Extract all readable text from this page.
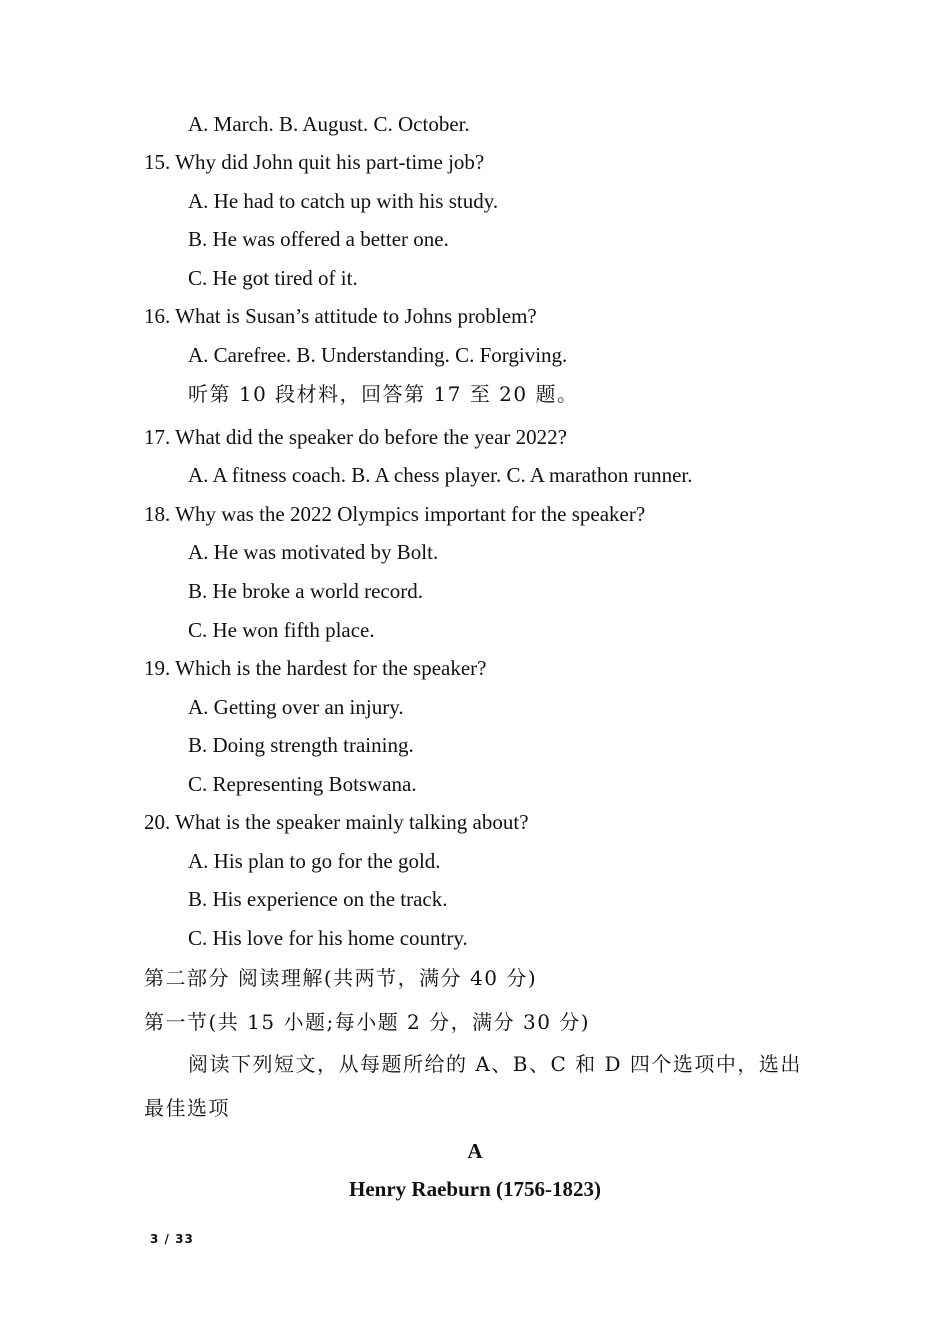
A. March. B. August. C. October.
15. Why did John quit his part-time job?
A. He had to catch up with his study.
B. He was offered a better one.
C. He got tired of it.
16. What is Susan’s attitude to Johns problem?
A. Carefree. B. Understanding. C. Forgiving.
听第 10 段材料，回答第 17 至 20 题。
17. What did the speaker do before the year 2022?
A. A fitness coach. B. A chess player. C. A marathon runner.
18. Why was the 2022 Olympics important for the speaker?
A. He was motivated by Bolt.
B. He broke a world record.
C. He won fifth place.
19. Which is the hardest for the speaker?
A. Getting over an injury.
B. Doing strength training.
C. Representing Botswana.
20. What is the speaker mainly talking about?
A. His plan to go for the gold.
B. His experience on the track.
C. His love for his home country.
第二部分 阅读理解(共两节，满分 40 分)
第一节(共 15 小题;每小题 2 分，满分 30 分)
阅读下列短文，从每题所给的 A、B、C 和 D 四个选项中，选出
最佳选项
A
Henry Raeburn (1756-1823)
3 / 33
